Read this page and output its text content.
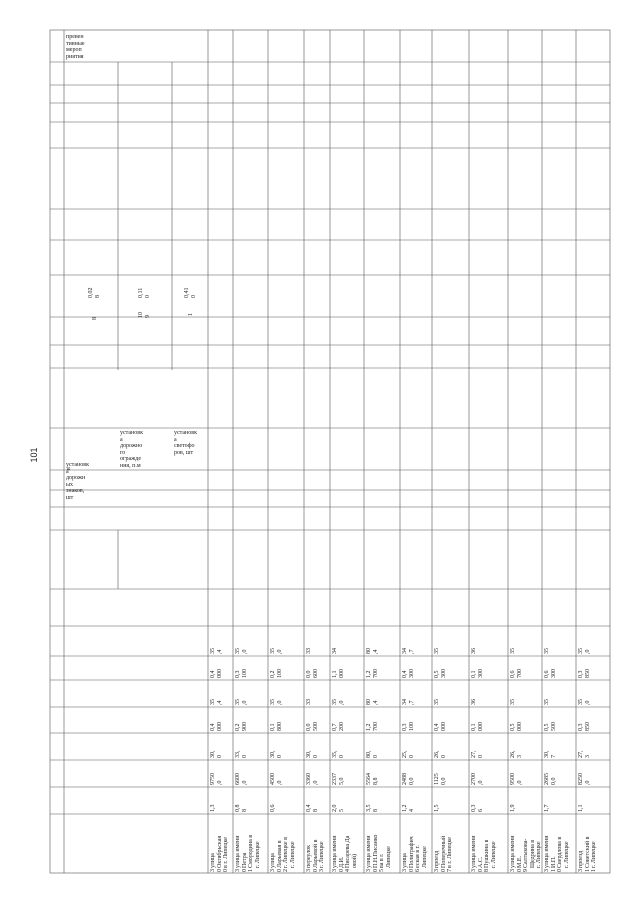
101
превен
тивные
мероп
риятия
в
установк
а
дорожн
ых
знаков,
шт
установк
а
дорожно
го
огражде
ния, п.м
установк
а
светофо
ров, шт
8
0,02
8
10
9
0,11
0
1
0,41
0
3
0
0
улица
Октябрьская
в г. Липецке
1,3
9750
,0
30,
0
0,4
000
35
,4
0,4
000
35
,4
3
0
1
улица имени
Петра
Смородина в
г. Липецке
0,8
8
6600
,0
33,
0
0,2
900
35
,0
0,3
100
35
,0
3
0
2
улица
Ларьевая в
г. Липецке в
г. Липецке
0,6
4500
,0
30,
0
0,1
800
35
,0
0,2
100
35
,0
3
0
3
переулок
Ларьевой в
г. Липецке
0,4
8
3360
,0
30,
0
0,0
500
33
0,0
600
33
3
0
4
улица имени
Д.И.
Писарева Да
овой)
2,0
5
2337
5,0
35,
0
0,7
200
35
,0
1,1
000
34
3
0
5
улица имени
П.Н.Писанко
ва в г.
Липецке
3,5
8
5564
8,8
80,
0
1,2
700
80
,4
1,2
700
80
,4
3
0
6
улица
Полиграфич
еская в г.
Липецке
1,2
4
2488
0,0
25,
0
0,3
100
34
,7
0,4
300
34
,7
3
0
7
проезд
Поперечный
в г. Липецке
1,5
1125
0,0
26,
0
0,4
000
35
0,5
300
35
3
0
8
улица имени
А.С.
Пушкина в
г. Липецке
0,3
6
2700
,0
27,
0
0,1
000
36
0,1
300
36
3
0
9
улица имени
М.Е.
Салтыкова-
Щедрина в
г. Липецке
1,9
9500
,0
26,
3
0,5
000
35
0,6
700
35
3
1
0
улица имени
И.П.
Свердлова в
г. Липецке
1,7
2685
0,0
30,
7
0,5
500
35
0,6
300
35
3
1
1
проезд
Советский в
г. Липецке
1,1
8250
,0
27,
3
0,3
850
35
,0
0,3
850
35
,0
